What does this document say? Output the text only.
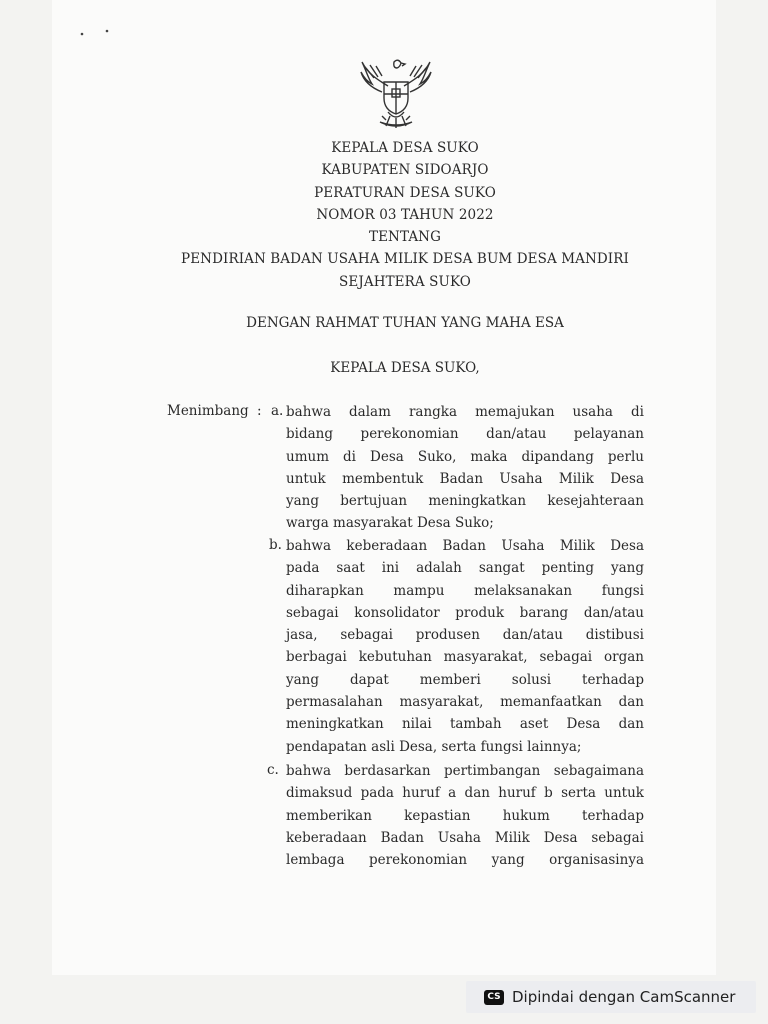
KEPALA DESA SUKO
KABUPATEN SIDOARJO
PERATURAN DESA SUKO
NOMOR 03 TAHUN 2022
TENTANG
PENDIRIAN BADAN USAHA MILIK DESA BUM DESA MANDIRI
SEJAHTERA SUKO
DENGAN RAHMAT TUHAN YANG MAHA ESA
KEPALA DESA SUKO,
Menimbang : a. bahwa dalam rangka memajukan usaha di
bidang perekonomian dan/atau pelayanan
umum di Desa Suko, maka dipandang perlu
untuk membentuk Badan Usaha Milik Desa
yang bertujuan meningkatkan kesejahteraan
warga masyarakat Desa Suko;
b. bahwa keberadaan Badan Usaha Milik Desa
pada saat ini adalah sangat penting yang
diharapkan mampu melaksanakan fungsi
sebagai konsolidator produk barang dan/atau
jasa, sebagai produsen dan/atau distibusi
berbagai kebutuhan masyarakat, sebagai organ
yang dapat memberi solusi terhadap
permasalahan masyarakat, memanfaatkan dan
meningkatkan nilai tambah aset Desa dan
pendapatan asli Desa, serta fungsi lainnya;
c. bahwa berdasarkan pertimbangan sebagaimana
dimaksud pada huruf a dan huruf b serta untuk
memberikan kepastian hukum terhadap
keberadaan Badan Usaha Milik Desa sebagai
lembaga perekonomian yang organisasinya
CS Dipindai dengan CamScanner
